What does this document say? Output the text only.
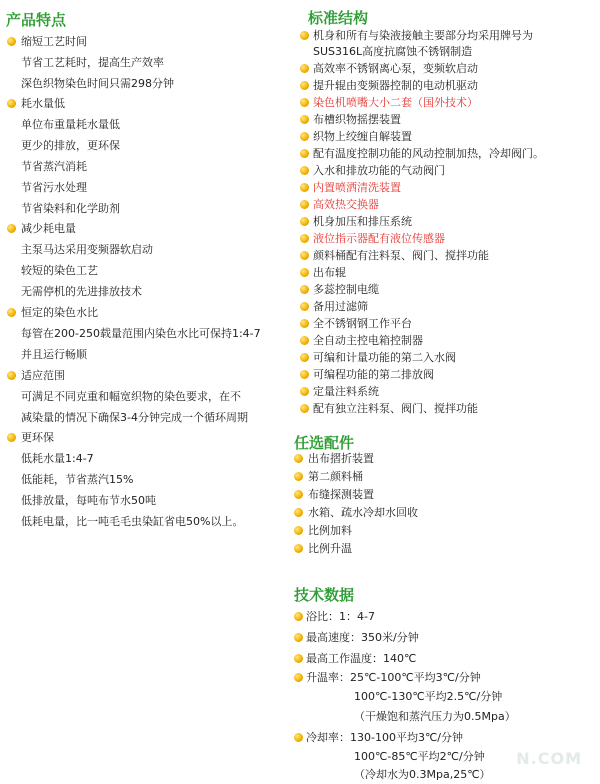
产品特点
缩短工艺时间
节省工艺耗时，提高生产效率
深色织物染色时间只需298分钟
耗水量低
单位布重量耗水量低
更少的排放，更环保
节省蒸汽消耗
节省污水处理
节省染料和化学助剂
减少耗电量
主泵马达采用变频器软启动
较短的染色工艺
无需停机的先进排放技术
恒定的染色水比
每管在200-250载量范围内染色水比可保持1:4-7
并且运行畅顺
适应范围
可满足不同克重和幅宽织物的染色要求，在不
减染量的情况下确保3-4分钟完成一个循环周期
更环保
低耗水量1:4-7
低能耗，节省蒸汽15%
低排放量，每吨布节水50吨
低耗电量，比一吨毛毛虫染缸省电50%以上。
标准结构
机身和所有与染液接触主要部分均采用牌号为
SUS316L高度抗腐蚀不锈钢制造
高效率不锈钢离心泵，变频软启动
提升辊由变频器控制的电动机驱动
染色机喷嘴大小二套（国外技术）
布槽织物摇摆装置
织物上绞缠自解装置
配有温度控制功能的风动控制加热，冷却阀门。
入水和排放功能的气动阀门
内置喷洒清洗装置
高效热交换器
机身加压和排压系统
液位指示器配有液位传感器
颜料桶配有注料泵、阀门、搅拌功能
出布辊
多蕊控制电缆
备用过滤筛
全不锈钢钢工作平台
全自动主控电箱控制器
可编和计量功能的第二入水阀
可编程功能的第二排放阀
定量注料系统
配有独立注料泵、阀门、搅拌功能
任选配件
出布摺折装置
第二颜料桶
布缝探测装置
水箱、疏水冷却水回收
比例加料
比例升温
技术数据
浴比：1：4-7
最高速度：350米/分钟
最高工作温度：140℃
升温率：25℃-100℃平均3℃/分钟
100℃-130℃平均2.5℃/分钟
（干燥饱和蒸汽压力为0.5Mpa）
冷却率：130-100平均3℃/分钟
100℃-85℃平均2℃/分钟
（冷却水为0.3Mpa,25℃）
N.COM
